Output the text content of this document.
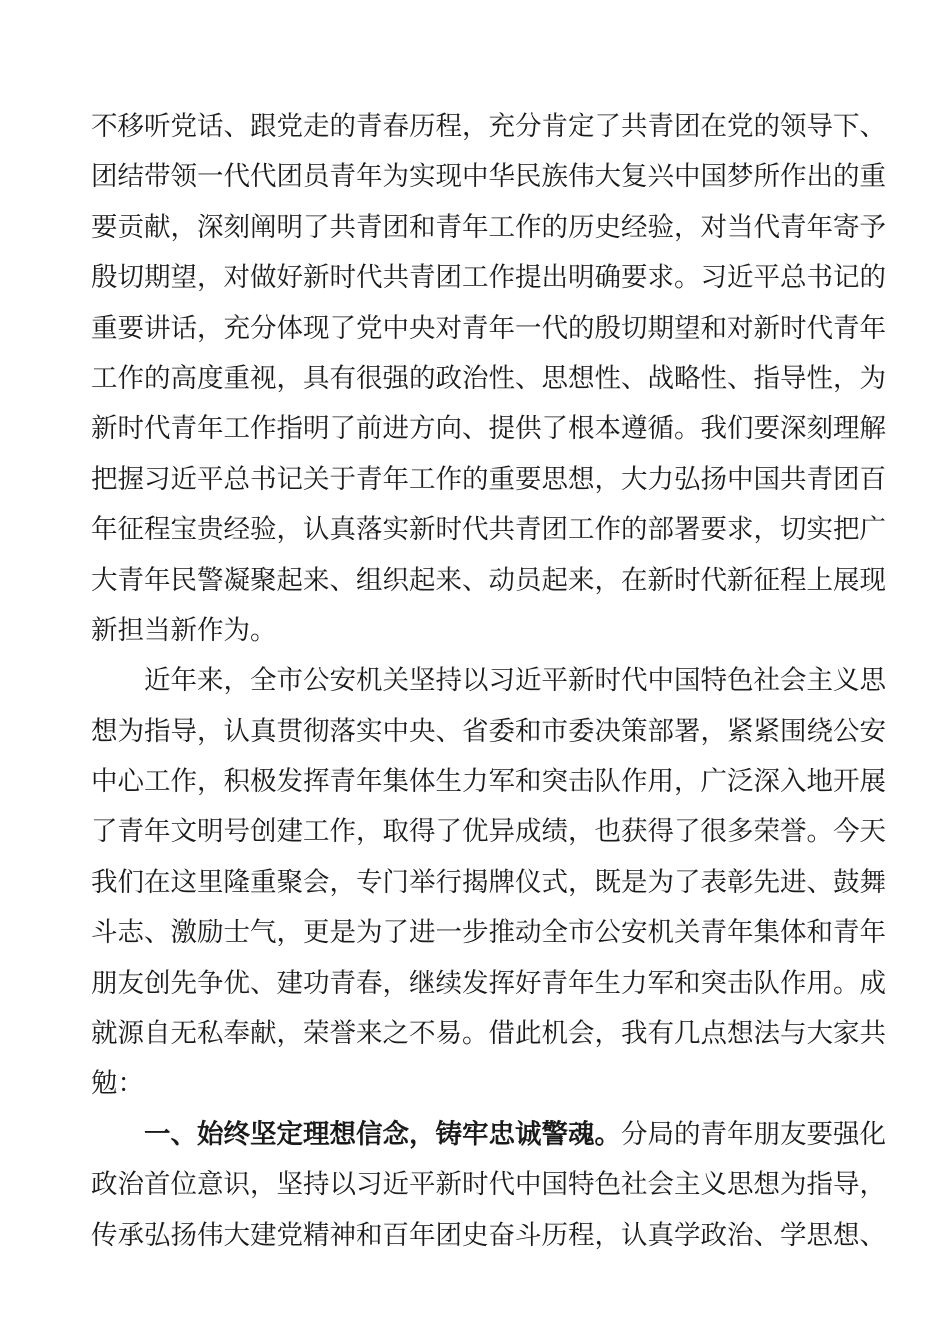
不移听党话、跟党走的青春历程，充分肯定了共青团在党的领导下、
团结带领一代代团员青年为实现中华民族伟大复兴中国梦所作出的重
要贡献，深刻阐明了共青团和青年工作的历史经验，对当代青年寄予
殷切期望，对做好新时代共青团工作提出明确要求。习近平总书记的
重要讲话，充分体现了党中央对青年一代的殷切期望和对新时代青年
工作的高度重视，具有很强的政治性、思想性、战略性、指导性，为
新时代青年工作指明了前进方向、提供了根本遵循。我们要深刻理解
把握习近平总书记关于青年工作的重要思想，大力弘扬中国共青团百
年征程宝贵经验，认真落实新时代共青团工作的部署要求，切实把广
大青年民警凝聚起来、组织起来、动员起来，在新时代新征程上展现
新担当新作为。
近年来，全市公安机关坚持以习近平新时代中国特色社会主义思
想为指导，认真贯彻落实中央、省委和市委决策部署，紧紧围绕公安
中心工作，积极发挥青年集体生力军和突击队作用，广泛深入地开展
了青年文明号创建工作，取得了优异成绩，也获得了很多荣誉。今天
我们在这里隆重聚会，专门举行揭牌仪式，既是为了表彰先进、鼓舞
斗志、激励士气，更是为了进一步推动全市公安机关青年集体和青年
朋友创先争优、建功青春，继续发挥好青年生力军和突击队作用。成
就源自无私奉献，荣誉来之不易。借此机会，我有几点想法与大家共
勉：
一、始终坚定理想信念，铸牢忠诚警魂。分局的青年朋友要强化
政治首位意识，坚持以习近平新时代中国特色社会主义思想为指导，
传承弘扬伟大建党精神和百年团史奋斗历程，认真学政治、学思想、
